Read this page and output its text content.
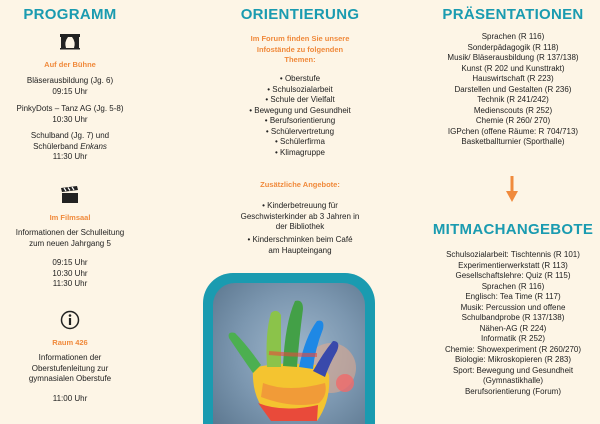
PROGRAMM
Auf der Bühne
Bläserausbildung (Jg. 6)
09:15 Uhr
PinkyDots – Tanz AG (Jg. 5-8)
10:30 Uhr
Schulband (Jg. 7) und
Schülerband Enkans
11:30 Uhr
Im Filmsaal
Informationen der Schulleitung
zum neuen Jahrgang 5
09:15 Uhr
10:30 Uhr
11:30 Uhr
Raum 426
Informationen der
Oberstufenleitung zur
gymnasialen Oberstufe
11:00 Uhr
ORIENTIERUNG
Im Forum finden Sie unsere
Infostände zu folgenden
Themen:
• Oberstufe
• Schulsozialarbeit
• Schule der Vielfalt
• Bewegung und Gesundheit
• Berufsorientierung
• Schülervertretung
• Schülerfirma
• Klimagruppe
Zusätzliche Angebote:
• Kinderbetreuung für
Geschwisterkinder ab 3 Jahren in
der Bibliothek
• Kinderschminken beim Café
am Haupteingang
PRÄSENTATIONEN
Sprachen (R 116)
Sonderpädagogik (R 118)
Musik/ Bläserausbildung (R 137/138)
Kunst (R 202 und Kunsttrakt)
Hauswirtschaft (R 223)
Darstellen und Gestalten (R 236)
Technik (R 241/242)
Medienscouts (R 252)
Chemie (R 260/ 270)
IGPchen (offene Räume: R 704/713)
Basketballturnier (Sporthalle)
MITMACHANGEBOTE
Schulsozialarbeit: Tischtennis (R 101)
Experimentierwerkstatt (R 113)
Gesellschaftslehre: Quiz (R 115)
Sprachen (R 116)
Englisch: Tea Time (R 117)
Musik: Percussion und offene
Schulbandprobe (R 137/138)
Nähen-AG (R 224)
Informatik (R 252)
Chemie: Showexperiment (R 260/270)
Biologie: Mikroskopieren (R 283)
Sport: Bewegung und Gesundheit
(Gymnastikhalle)
Berufsorientierung (Forum)
